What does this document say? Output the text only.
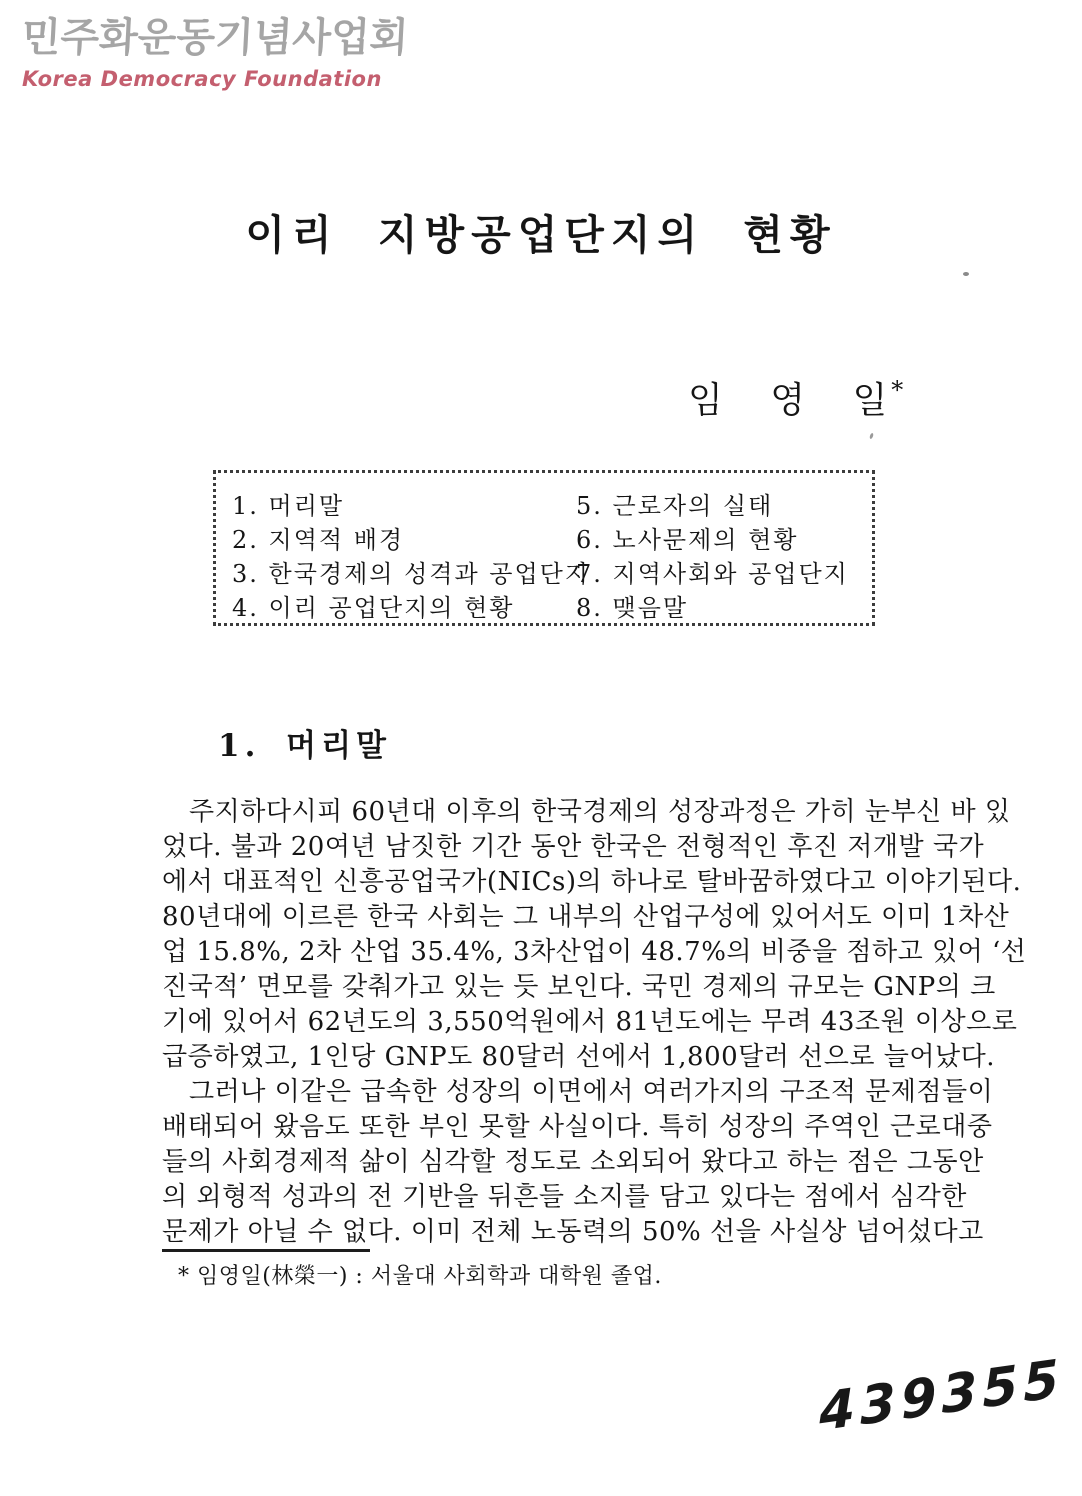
민주화운동기념사업회
Korea Democracy Foundation
이리 지방공업단지의 현황
임 영 일 *
1. 머리말
2. 지역적 배경
3. 한국경제의 성격과 공업단지
4. 이리 공업단지의 현황
5. 근로자의 실태
6. 노사문제의 현황
7. 지역사회와 공업단지
8. 맺음말
1. 머리말

주지하다시피 60년대 이후의 한국경제의 성장과정은 가히 눈부신 바 있

었다. 불과 20여년 남짓한 기간 동안 한국은 전형적인 후진 저개발 국가

에서 대표적인 신흥공업국가(NICs)의 하나로 탈바꿈하였다고 이야기된다.

80년대에 이르른 한국 사회는 그 내부의 산업구성에 있어서도 이미 1차산

업 15.8%, 2차 산업 35.4%, 3차산업이 48.7%의 비중을 점하고 있어 ‘선

진국적’ 면모를 갖춰가고 있는 듯 보인다. 국민 경제의 규모는 GNP의 크

기에 있어서 62년도의 3,550억원에서 81년도에는 무려 43조원 이상으로

급증하였고, 1인당 GNP도 80달러 선에서 1,800달러 선으로 늘어났다.

그러나 이같은 급속한 성장의 이면에서 여러가지의 구조적 문제점들이

배태되어 왔음도 또한 부인 못할 사실이다. 특히 성장의 주역인 근로대중

들의 사회경제적 삶이 심각할 정도로 소외되어 왔다고 하는 점은 그동안

의 외형적 성과의 전 기반을 뒤흔들 소지를 담고 있다는 점에서 심각한

문제가 아닐 수 없다. 이미 전체 노동력의 50% 선을 사실상 넘어섰다고

* 임영일(林榮一) : 서울대 사회학과 대학원 졸업.
439355
